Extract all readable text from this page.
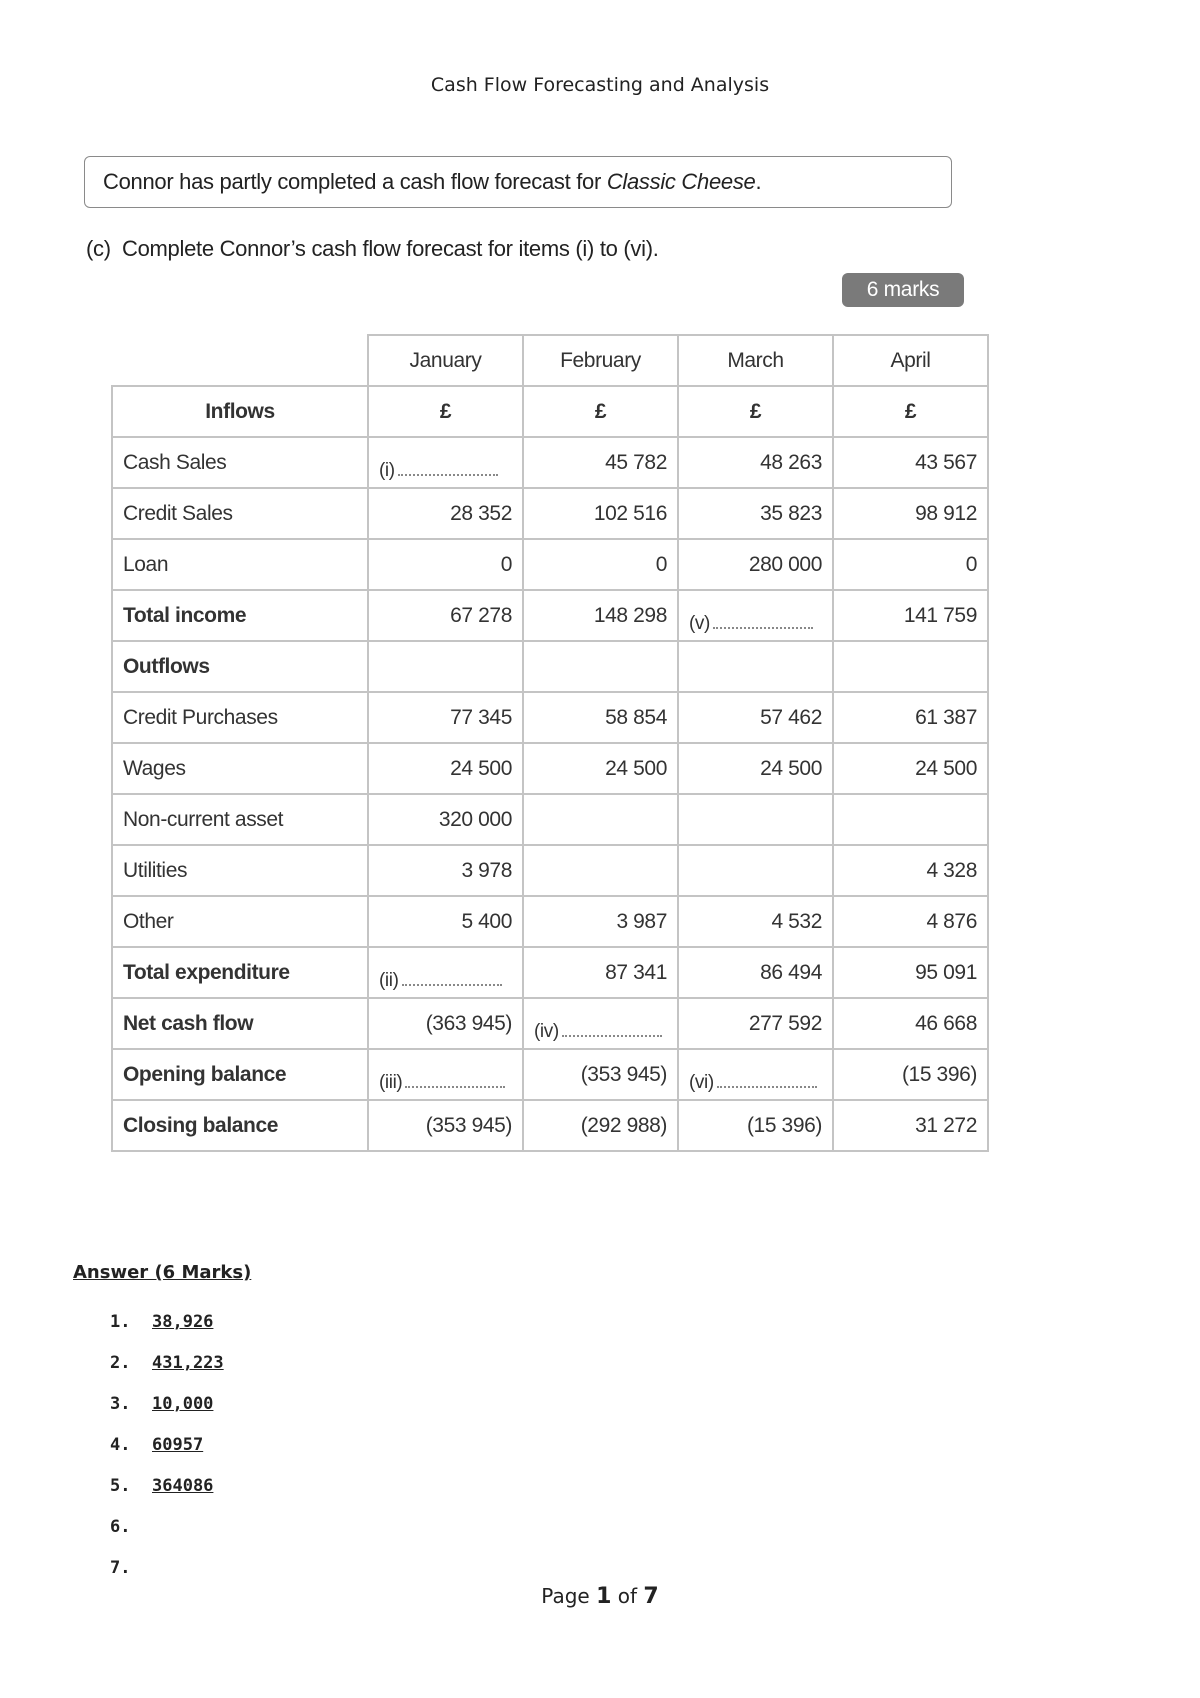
Cash Flow Forecasting and Analysis
Connor has partly completed a cash flow forecast for Classic Cheese.
(c) Complete Connor’s cash flow forecast for items (i) to (vi).
6 marks
	January	February	March	April
Inflows	£	£	£	£
Cash Sales	(i)	45 782	48 263	43 567
Credit Sales	28 352	102 516	35 823	98 912
Loan	0	0	280 000	0
Total income	67 278	148 298	(v)	141 759
Outflows				
Credit Purchases	77 345	58 854	57 462	61 387
Wages	24 500	24 500	24 500	24 500
Non-current asset	320 000			
Utilities	3 978			4 328
Other	5 400	3 987	4 532	4 876
Total expenditure	(ii)	87 341	86 494	95 091
Net cash flow	(363 945)	(iv)	277 592	46 668
Opening balance	(iii)	(353 945)	(vi)	(15 396)
Closing balance	(353 945)	(292 988)	(15 396)	31 272
Answer (6 Marks)
1. 38,926
2. 431,223
3. 10,000
4. 60957
5. 364086
6.
7.
Page 1 of 7
